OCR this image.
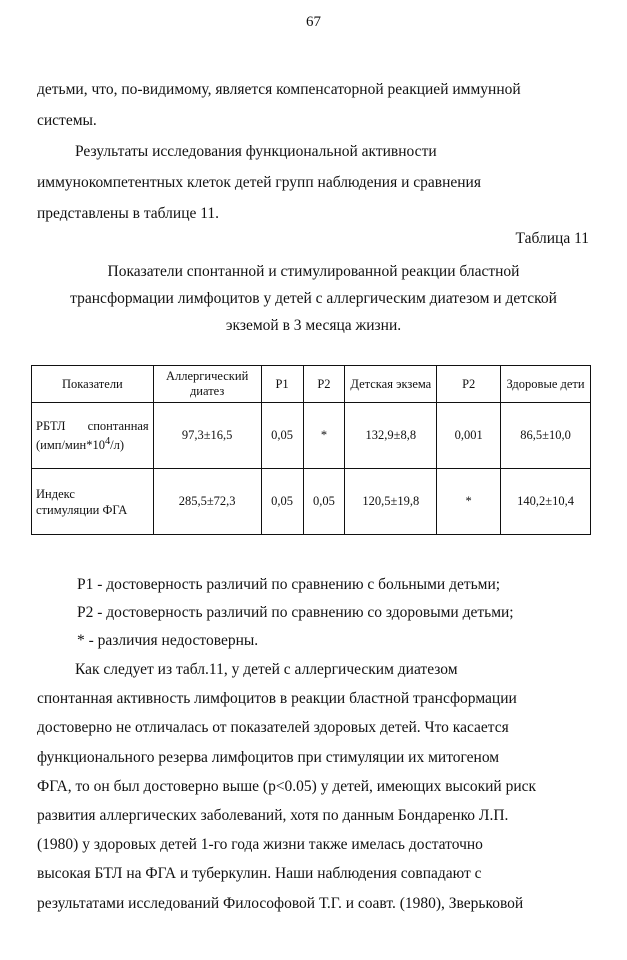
67

детьми, что, по-видимому, является компенсаторной реакцией иммунной

системы.

Результаты исследования функциональной активности

иммунокомпетентных клеток детей групп наблюдения и сравнения

представлены в таблице 11.

Таблица 11
Показатели спонтанной и стимулированной реакции бластной
трансформации лимфоцитов у детей с аллергическим диатезом и детской
экземой в 3 месяца жизни.
Показатели	Аллергический диатез	Р1	Р2	Детская экзема	Р2	Здоровые дети

РБТЛ спонтанная
$(имп/мин*10^4/л)$	97,3±16,5	0,05	*	132,9±8,8	0,001	86,5±10,0

Индекс
стимуляции ФГА	285,5±72,3	0,05	0,05	120,5±19,8	*	140,2±10,4
Р1 - достоверность различий по сравнению с больными детьми;
Р2 - достоверность различий по сравнению со здоровыми детьми;
* - различия недостоверны.

Как следует из табл.11, у детей с аллергическим диатезом

спонтанная активность лимфоцитов в реакции бластной трансформации

достоверно не отличалась от показателей здоровых детей. Что касается

функционального резерва лимфоцитов при стимуляции их митогеном

ФГА, то он был достоверно выше (p<0.05) у детей, имеющих высокий риск

развития аллергических заболеваний, хотя по данным Бондаренко Л.П.

(1980) у здоровых детей 1-го года жизни также имелась достаточно

высокая БТЛ на ФГА и туберкулин. Наши наблюдения совпадают с

результатами исследований Философовой Т.Г. и соавт. (1980), Зверьковой
